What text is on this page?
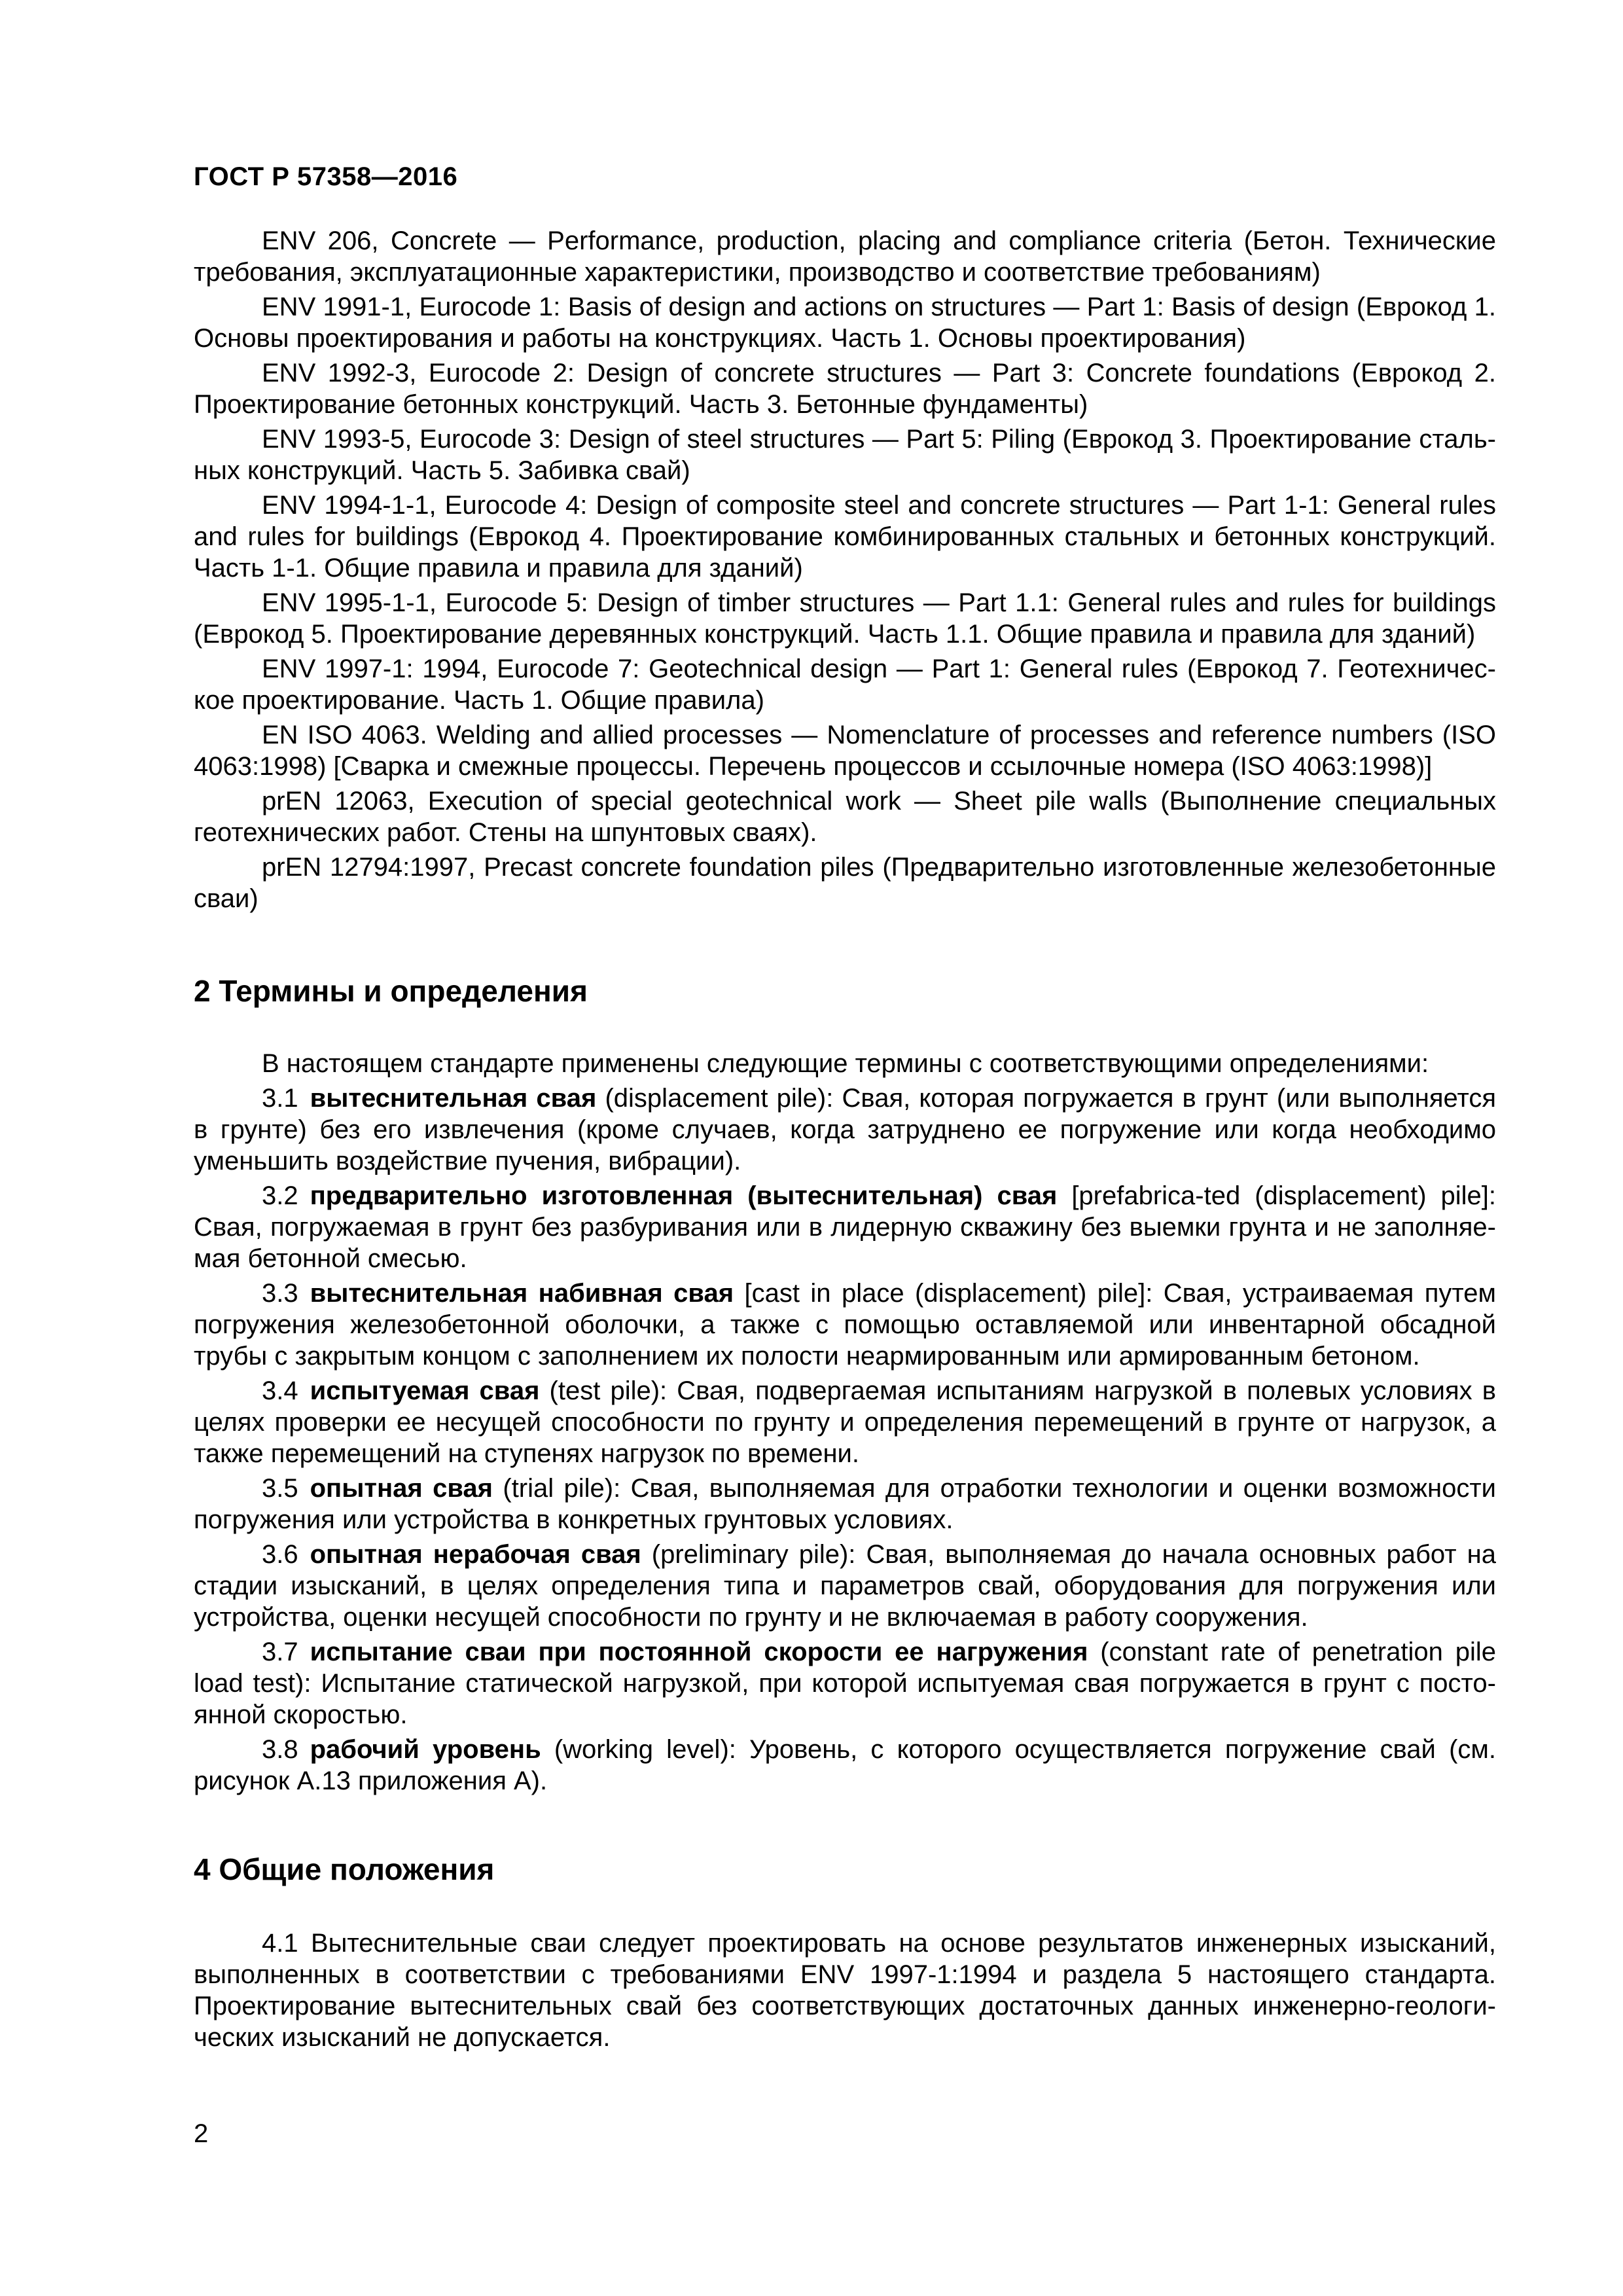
ГОСТ Р 57358—2016

ENV 206, Concrete — Performance, production, placing and compliance criteria (Бетон. Технические требования, эксплуатационные характеристики, производство и соответствие требованиям)

ENV 1991-1, Eurocode 1: Basis of design and actions on structures — Part 1: Basis of design (Еврокод 1. Основы проектирования и работы на конструкциях. Часть 1. Основы проектирования)

ENV 1992-3, Eurocode 2: Design of concrete structures — Part 3: Concrete foundations (Еврокод 2. Проектирование бетонных конструкций. Часть 3. Бетонные фундаменты)

ENV 1993-5, Eurocode 3: Design of steel structures — Part 5: Piling (Еврокод 3. Проектирование стальных конструкций. Часть 5. Забивка свай)

ENV 1994-1-1, Eurocode 4: Design of composite steel and concrete structures — Part 1-1: General rules and rules for buildings (Еврокод 4. Проектирование комбинированных стальных и бетонных конструкций. Часть 1-1. Общие правила и правила для зданий)

ENV 1995-1-1, Eurocode 5: Design of timber structures — Part 1.1: General rules and rules for buildings (Еврокод 5. Проектирование деревянных конструкций. Часть 1.1. Общие правила и правила для зданий)

ENV 1997-1: 1994, Eurocode 7: Geotechnical design — Part 1: General rules (Еврокод 7. Геотехническое проектирование. Часть 1. Общие правила)

EN ISO 4063. Welding and allied processes — Nomenclature of processes and reference numbers (ISO 4063:1998) [Сварка и смежные процессы. Перечень процессов и ссылочные номера (ISO 4063:1998)]

prEN 12063, Execution of special geotechnical work — Sheet pile walls (Выполнение специальных геотехнических работ. Стены на шпунтовых сваях).

prEN 12794:1997, Precast concrete foundation piles (Предварительно изготовленные железобетонные сваи)

2 Термины и определения

В настоящем стандарте применены следующие термины с соответствующими определениями:

3.1 вытеснительная свая (displacement pile): Свая, которая погружается в грунт (или выполняется в грунте) без его извлечения (кроме случаев, когда затруднено ее погружение или когда необходимо уменьшить воздействие пучения, вибрации).

3.2 предварительно изготовленная (вытеснительная) свая [prefabrica-ted (displacement) pile]: Свая, погружаемая в грунт без разбуривания или в лидерную скважину без выемки грунта и не заполняемая бетонной смесью.

3.3 вытеснительная набивная свая [cast in place (displacement) pile]: Свая, устраиваемая путем погружения железобетонной оболочки, а также с помощью оставляемой или инвентарной обсадной трубы с закрытым концом с заполнением их полости неармированным или армированным бетоном.

3.4 испытуемая свая (test pile): Свая, подвергаемая испытаниям нагрузкой в полевых условиях в целях проверки ее несущей способности по грунту и определения перемещений в грунте от нагрузок, а также перемещений на ступенях нагрузок по времени.

3.5 опытная свая (trial pile): Свая, выполняемая для отработки технологии и оценки возможности погружения или устройства в конкретных грунтовых условиях.

3.6 опытная нерабочая свая (preliminary pile): Свая, выполняемая до начала основных работ на стадии изысканий, в целях определения типа и параметров свай, оборудования для погружения или устройства, оценки несущей способности по грунту и не включаемая в работу сооружения.

3.7 испытание сваи при постоянной скорости ее нагружения (constant rate of penetration pile load test): Испытание статической нагрузкой, при которой испытуемая свая погружается в грунт с постоянной скоростью.

3.8 рабочий уровень (working level): Уровень, с которого осуществляется погружение свай (см. рисунок А.13 приложения А).

4 Общие положения

4.1 Вытеснительные сваи следует проектировать на основе результатов инженерных изысканий, выполненных в соответствии с требованиями ENV 1997-1:1994 и раздела 5 настоящего стандарта. Проектирование вытеснительных свай без соответствующих достаточных данных инженерно-геологических изысканий не допускается.

2
